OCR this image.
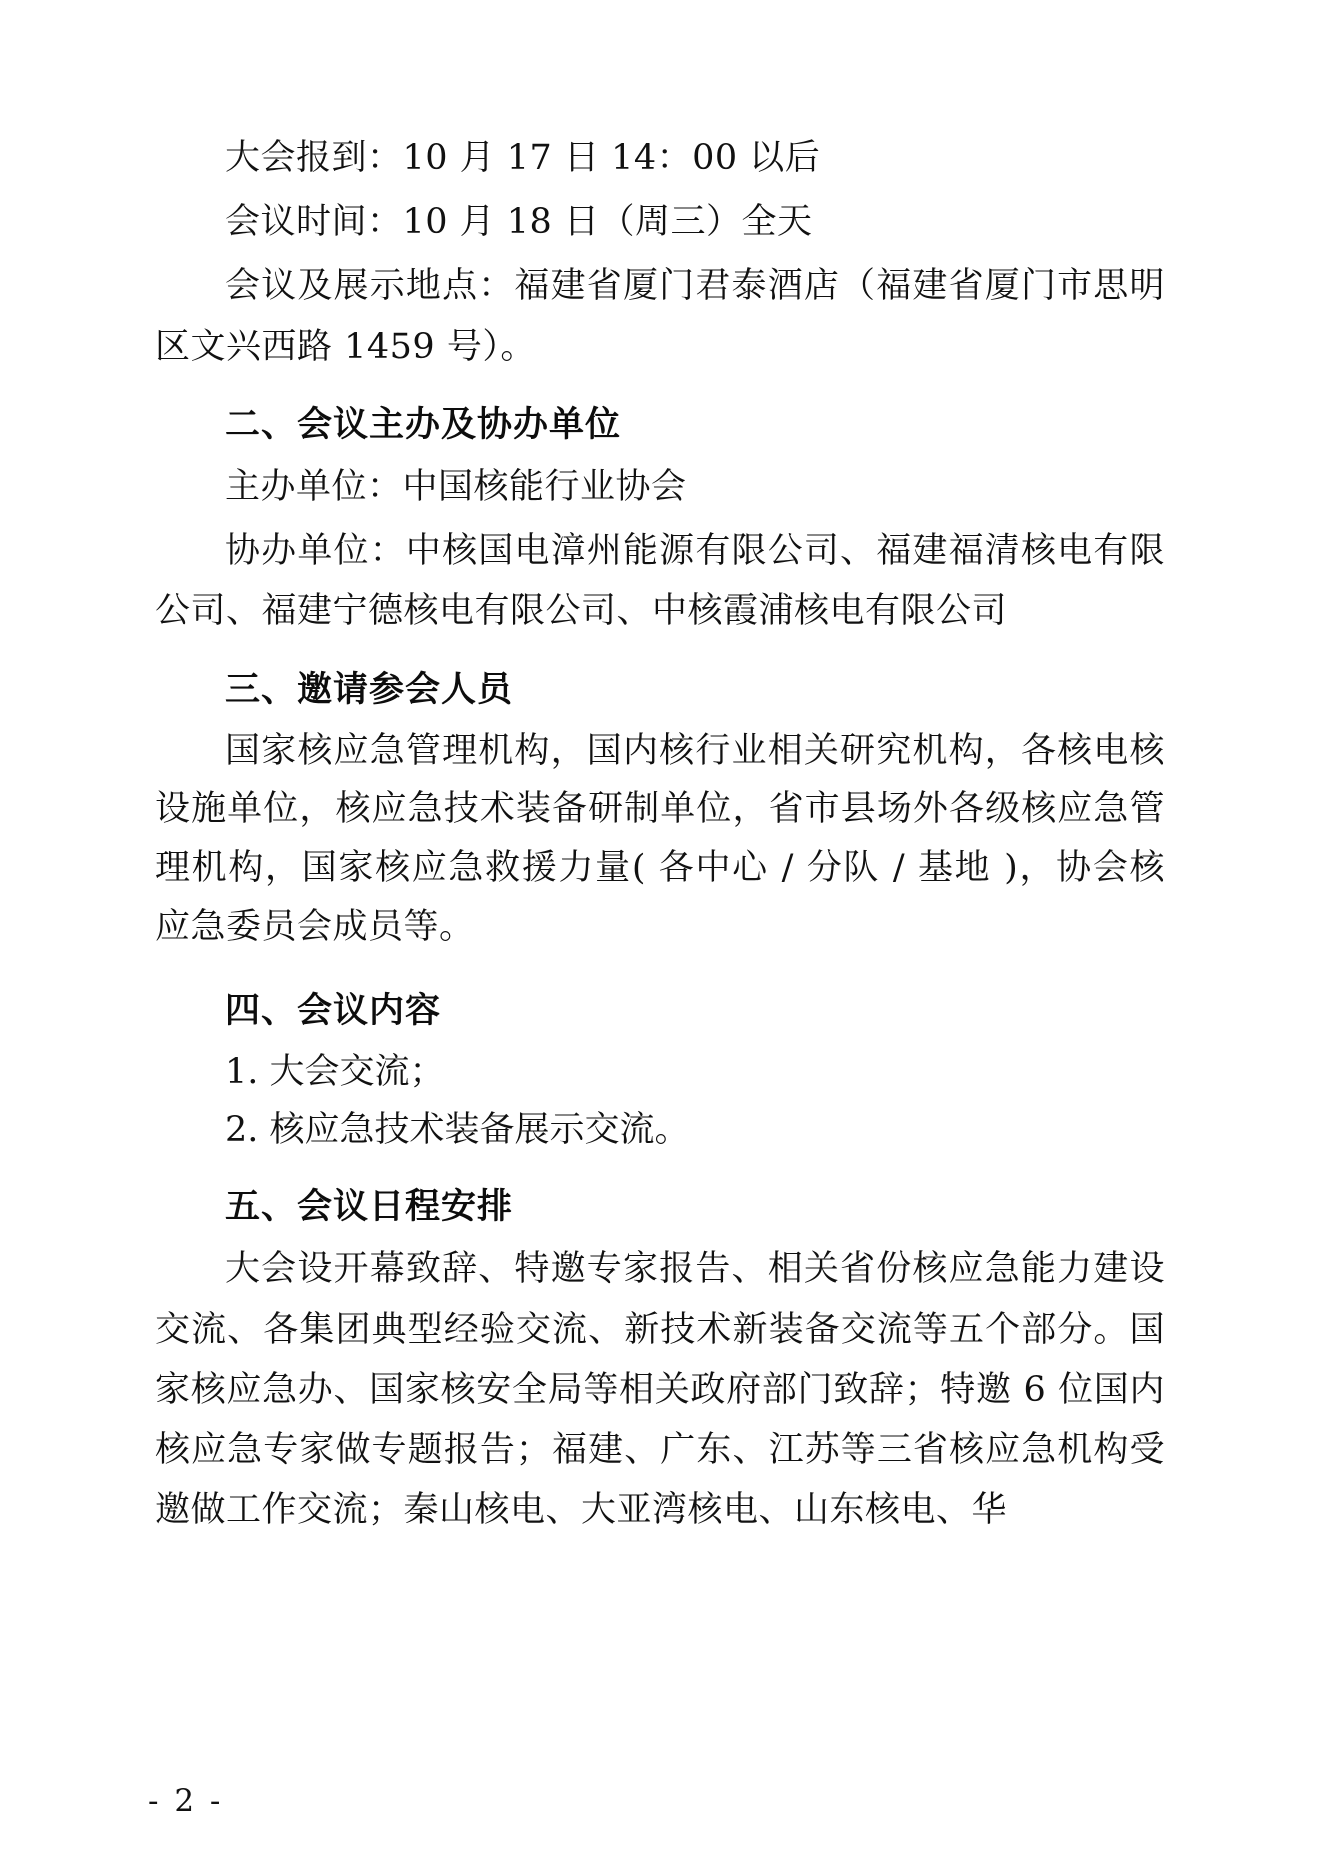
大会报到：10 月 17 日 14：00 以后

会议时间：10 月 18 日（周三）全天

会议及展示地点：福建省厦门君泰酒店（福建省厦门市思明区文兴西路 1459 号）。

二、会议主办及协办单位

主办单位：中国核能行业协会

协办单位：中核国电漳州能源有限公司、福建福清核电有限公司、福建宁德核电有限公司、中核霞浦核电有限公司

三、邀请参会人员

国家核应急管理机构，国内核行业相关研究机构，各核电核设施单位，核应急技术装备研制单位，省市县场外各级核应急管理机构，国家核应急救援力量( 各中心 / 分队 / 基地 )，协会核应急委员会成员等。

四、会议内容

1. 大会交流；

2. 核应急技术装备展示交流。

五、会议日程安排

大会设开幕致辞、特邀专家报告、相关省份核应急能力建设交流、各集团典型经验交流、新技术新装备交流等五个部分。国家核应急办、国家核安全局等相关政府部门致辞；特邀 6 位国内核应急专家做专题报告；福建、广东、江苏等三省核应急机构受邀做工作交流；秦山核电、大亚湾核电、山东核电、华

- 2 -
